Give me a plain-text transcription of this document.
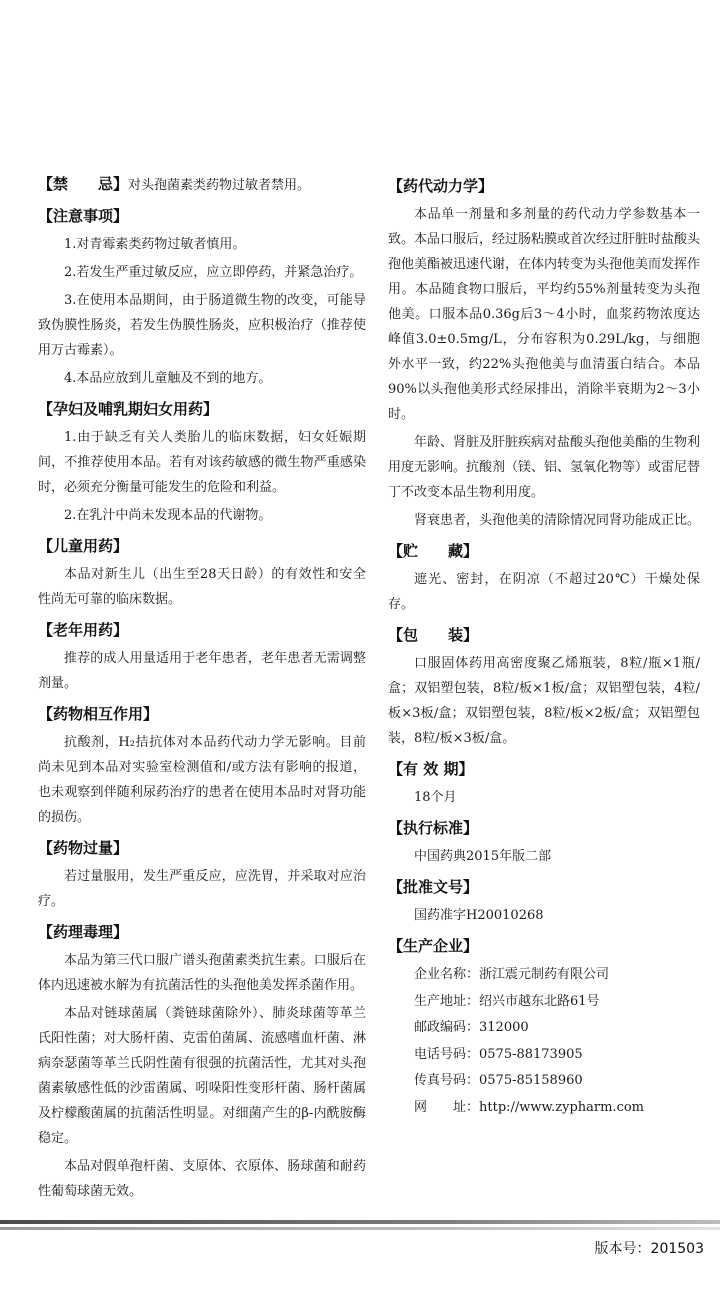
【禁　　忌】对头孢菌素类药物过敏者禁用。

【注意事项】

1.对青霉素类药物过敏者慎用。

2.若发生严重过敏反应，应立即停药，并紧急治疗。

3.在使用本品期间，由于肠道微生物的改变，可能导致伪膜性肠炎，若发生伪膜性肠炎，应积极治疗（推荐使用万古霉素）。

4.本品应放到儿童触及不到的地方。

【孕妇及哺乳期妇女用药】

1.由于缺乏有关人类胎儿的临床数据，妇女妊娠期间，不推荐使用本品。若有对该药敏感的微生物严重感染时，必须充分衡量可能发生的危险和利益。

2.在乳汁中尚未发现本品的代谢物。

【儿童用药】

本品对新生儿（出生至28天日龄）的有效性和安全性尚无可靠的临床数据。

【老年用药】

推荐的成人用量适用于老年患者，老年患者无需调整剂量。

【药物相互作用】

抗酸剂，H₂拮抗体对本品药代动力学无影响。目前尚未见到本品对实验室检测值和/或方法有影响的报道，也未观察到伴随利尿药治疗的患者在使用本品时对肾功能的损伤。

【药物过量】

若过量服用，发生严重反应，应洗胃，并采取对应治疗。

【药理毒理】

本品为第三代口服广谱头孢菌素类抗生素。口服后在体内迅速被水解为有抗菌活性的头孢他美发挥杀菌作用。

本品对链球菌属（粪链球菌除外）、肺炎球菌等革兰氏阳性菌；对大肠杆菌、克雷伯菌属、流感嗜血杆菌、淋病奈瑟菌等革兰氏阴性菌有很强的抗菌活性，尤其对头孢菌素敏感性低的沙雷菌属、吲哚阳性变形杆菌、肠杆菌属及柠檬酸菌属的抗菌活性明显。对细菌产生的β-内酰胺酶稳定。

本品对假单孢杆菌、支原体、衣原体、肠球菌和耐药性葡萄球菌无效。

【药代动力学】

本品单一剂量和多剂量的药代动力学参数基本一致。本品口服后，经过肠粘膜或首次经过肝脏时盐酸头孢他美酯被迅速代谢，在体内转变为头孢他美而发挥作用。本品随食物口服后，平均约55%剂量转变为头孢他美。口服本品0.36g后3～4小时，血浆药物浓度达峰值3.0±0.5mg/L，分布容积为0.29L/kg，与细胞外水平一致，约22%头孢他美与血清蛋白结合。本品90%以头孢他美形式经尿排出，消除半衰期为2～3小时。

年龄、肾脏及肝脏疾病对盐酸头孢他美酯的生物利用度无影响。抗酸剂（镁、铝、氢氧化物等）或雷尼替丁不改变本品生物利用度。

肾衰患者，头孢他美的清除情况同肾功能成正比。

【贮　　藏】

遮光、密封，在阴凉（不超过20℃）干燥处保存。

【包　　装】

口服固体药用高密度聚乙烯瓶装，8粒/瓶×1瓶/盒；双铝塑包装，8粒/板×1板/盒；双铝塑包装，4粒/板×3板/盒；双铝塑包装，8粒/板×2板/盒；双铝塑包装，8粒/板×3板/盒。

【有 效 期】

18个月

【执行标准】

中国药典2015年版二部

【批准文号】

国药准字H20010268

【生产企业】
企业名称：浙江震元制药有限公司
生产地址：绍兴市越东北路61号
邮政编码：312000
电话号码：0575-88173905
传真号码：0575-85158960
网　　址：http://www.zypharm.com
版本号：201503
